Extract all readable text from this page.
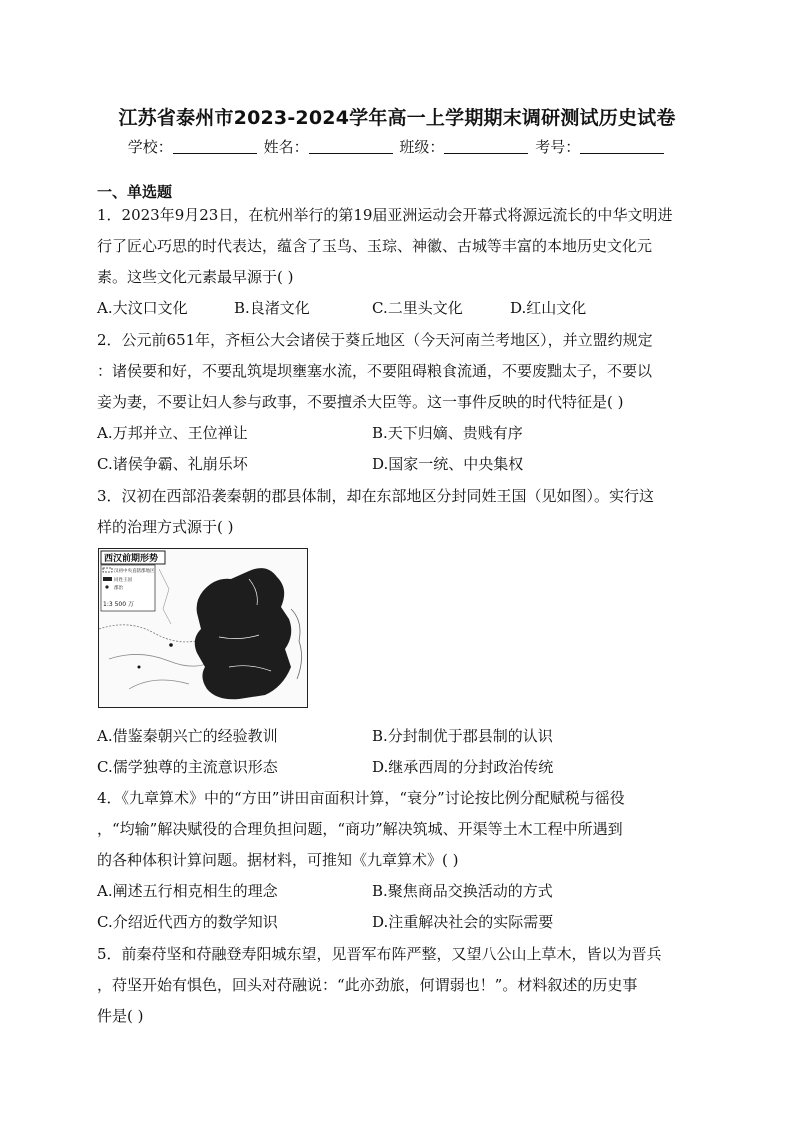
江苏省泰州市2023-2024学年高一上学期期末调研测试历史试卷
学校：	姓名：	班级：	考号：
一、单选题
1．2023年9月23日，在杭州举行的第19届亚洲运动会开幕式将源远流长的中华文明进
行了匠心巧思的时代表达，蕴含了玉鸟、玉琮、神徽、古城等丰富的本地历史文化元
素。这些文化元素最早源于( )
A.大汶口文化	B.良渚文化	C.二里头文化	D.红山文化
2．公元前651年，齐桓公大会诸侯于葵丘地区（今天河南兰考地区），并立盟约规定
：诸侯要和好，不要乱筑堤坝壅塞水流，不要阻碍粮食流通，不要废黜太子，不要以
妾为妻，不要让妇人参与政事，不要擅杀大臣等。这一事件反映的时代特征是( )
A.万邦并立、王位禅让	B.天下归嫡、贵贱有序
C.诸侯争霸、礼崩乐坏	D.国家一统、中央集权
3．汉初在西部沿袭秦朝的郡县体制，却在东部地区分封同姓王国（见如图）。实行这
样的治理方式源于( )
西汉前期形势
汉初中央直辖郡地区
同姓王国
郡治
1:3 500 万
A.借鉴秦朝兴亡的经验教训	B.分封制优于郡县制的认识
C.儒学独尊的主流意识形态	D.继承西周的分封政治传统
4．《九章算术》中的“方田”讲田亩面积计算，“衰分”讨论按比例分配赋税与徭役
，“均输”解决赋役的合理负担问题，“商功”解决筑城、开渠等土木工程中所遇到
的各种体积计算问题。据材料，可推知《九章算术》( )
A.阐述五行相克相生的理念	B.聚焦商品交换活动的方式
C.介绍近代西方的数学知识	D.注重解决社会的实际需要
5．前秦苻坚和苻融登寿阳城东望，见晋军布阵严整，又望八公山上草木，皆以为晋兵
，苻坚开始有惧色，回头对苻融说：“此亦劲旅，何谓弱也！”。材料叙述的历史事
件是( )
